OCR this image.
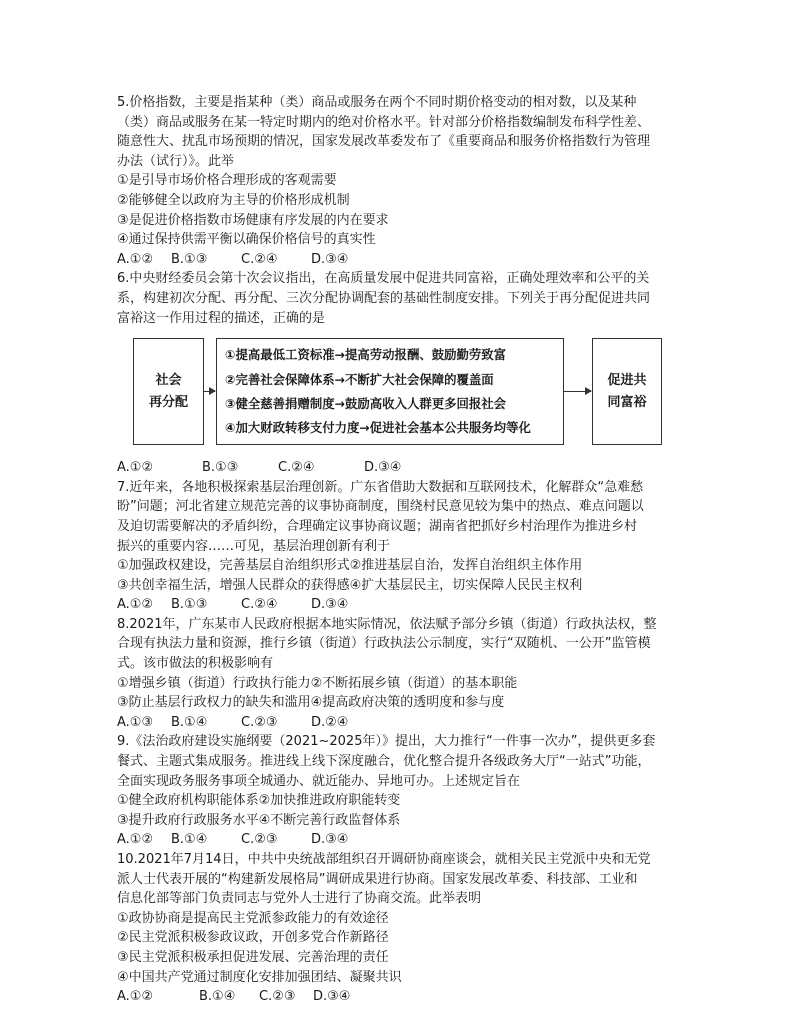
5.价格指数，主要是指某种（类）商品或服务在两个不同时期价格变动的相对数，以及某种

（类）商品或服务在某一特定时期内的绝对价格水平。针对部分价格指数编制发布科学性差、

随意性大、扰乱市场预期的情况，国家发展改革委发布了《重要商品和服务价格指数行为管理

办法（试行）》。此举

①是引导市场价格合理形成的客观需要

②能够健全以政府为主导的价格形成机制

③是促进价格指数市场健康有序发展的内在要求

④通过保持供需平衡以确保价格信号的真实性

A.①②	B.①③	C.②④	D.③④

6.中央财经委员会第十次会议指出，在高质量发展中促进共同富裕，正确处理效率和公平的关

系，构建初次分配、再分配、三次分配协调配套的基础性制度安排。下列关于再分配促进共同

富裕这一作用过程的描述，正确的是

社会
再分配
①提高最低工资标准→提高劳动报酬、鼓励勤劳致富
②完善社会保障体系→不断扩大社会保障的覆盖面
③健全慈善捐赠制度→鼓励高收入人群更多回报社会
④加大财政转移支付力度→促进社会基本公共服务均等化
促进共
同富裕
A.①②	B.①③	C.②④	D.③④

7.近年来，各地积极探索基层治理创新。广东省借助大数据和互联网技术，化解群众“急难愁

盼”问题；河北省建立规范完善的议事协商制度，围绕村民意见较为集中的热点、难点问题以

及迫切需要解决的矛盾纠纷，合理确定议事协商议题；湖南省把抓好乡村治理作为推进乡村

振兴的重要内容……可见，基层治理创新有利于

①加强政权建设，完善基层自治组织形式②推进基层自治，发挥自治组织主体作用

③共创幸福生活，增强人民群众的获得感④扩大基层民主，切实保障人民民主权利

A.①②	B.①③	C.②④	D.③④

8.2021年，广东某市人民政府根据本地实际情况，依法赋予部分乡镇（街道）行政执法权，整

合现有执法力量和资源，推行乡镇（街道）行政执法公示制度，实行“双随机、一公开”监管模

式。该市做法的积极影响有

①增强乡镇（街道）行政执行能力②不断拓展乡镇（街道）的基本职能

③防止基层行政权力的缺失和滥用④提高政府决策的透明度和参与度

A.①③	B.①④	C.②③	D.②④

9.《法治政府建设实施纲要（2021~2025年）》提出，大力推行“一件事一次办”，提供更多套

餐式、主题式集成服务。推进线上线下深度融合，优化整合提升各级政务大厅“一站式”功能，

全面实现政务服务事项全城通办、就近能办、异地可办。上述规定旨在

①健全政府机构职能体系②加快推进政府职能转变

③提升政府行政服务水平④不断完善行政监督体系

A.①②	B.①④	C.②③	D.③④

10.2021年7月14日，中共中央统战部组织召开调研协商座谈会，就相关民主党派中央和无党

派人士代表开展的“构建新发展格局”调研成果进行协商。国家发展改革委、科技部、工业和

信息化部等部门负责同志与党外人士进行了协商交流。此举表明

①政协协商是提高民主党派参政能力的有效途径

②民主党派积极参政议政，开创多党合作新路径

③民主党派积极承担促进发展、完善治理的责任

④中国共产党通过制度化安排加强团结、凝聚共识

A.①②	B.①④	C.②③	D.③④
